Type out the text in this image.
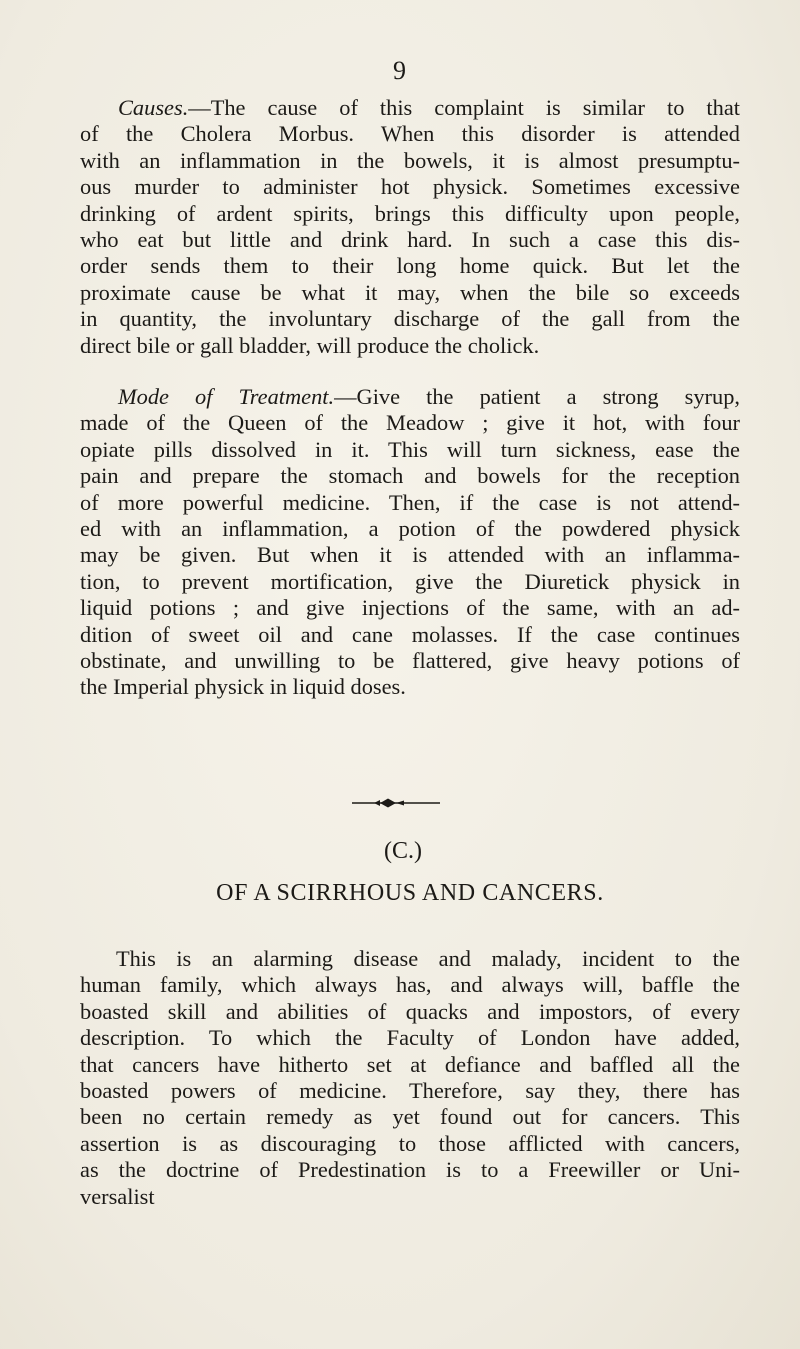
9
Causes.—The cause of this complaint is similar to that
of the Cholera Morbus. When this disorder is attended
with an inflammation in the bowels, it is almost presumptu-
ous murder to administer hot physick. Sometimes excessive
drinking of ardent spirits, brings this difficulty upon people,
who eat but little and drink hard. In such a case this dis-
order sends them to their long home quick. But let the
proximate cause be what it may, when the bile so exceeds
in quantity, the involuntary discharge of the gall from the
direct bile or gall bladder, will produce the cholick.
Mode of Treatment.—Give the patient a strong syrup,
made of the Queen of the Meadow ; give it hot, with four
opiate pills dissolved in it. This will turn sickness, ease the
pain and prepare the stomach and bowels for the reception
of more powerful medicine. Then, if the case is not attend-
ed with an inflammation, a potion of the powdered physick
may be given. But when it is attended with an inflamma-
tion, to prevent mortification, give the Diuretick physick in
liquid potions ; and give injections of the same, with an ad-
dition of sweet oil and cane molasses. If the case continues
obstinate, and unwilling to be flattered, give heavy potions of
the Imperial physick in liquid doses.
(C.)
OF A SCIRRHOUS AND CANCERS.
This is an alarming disease and malady, incident to the
human family, which always has, and always will, baffle the
boasted skill and abilities of quacks and impostors, of every
description. To which the Faculty of London have added,
that cancers have hitherto set at defiance and baffled all the
boasted powers of medicine. Therefore, say they, there has
been no certain remedy as yet found out for cancers. This
assertion is as discouraging to those afflicted with cancers,
as the doctrine of Predestination is to a Freewiller or Uni-
versalist
